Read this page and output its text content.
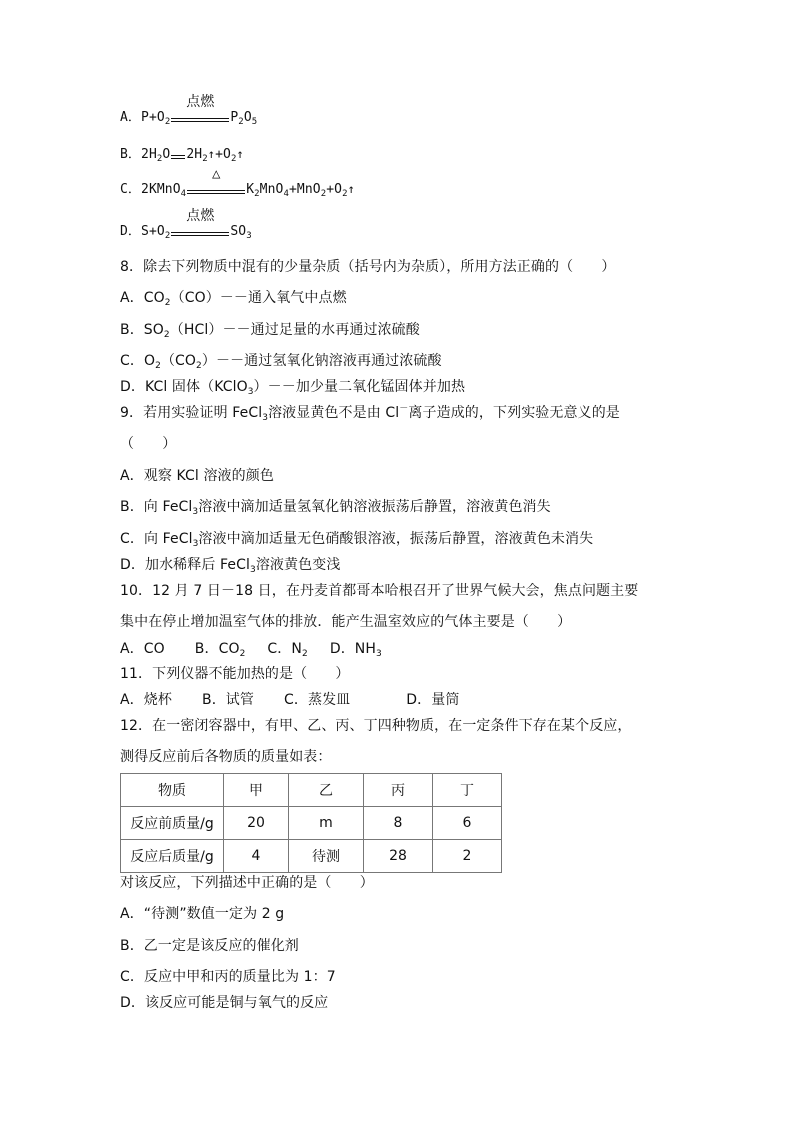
A．$P+O_2$
点燃
$P_2O_5$
B．$2H_2O$ $2H_2↑+O_2↑$
C．2KMnO$_4$
△
$K_2MnO_4+MnO_2+O_2↑$
D．$S+O_2$
点燃
$SO_3$
8．除去下列物质中混有的少量杂质（括号内为杂质），所用方法正确的（　　）
A．$CO_2(CO)--$通入氧气中点燃
B．$SO_2(HCl)--$通过足量的水再通过浓硫酸
C．$O_2(CO_2)--$通过氢氧化钠溶液再通过浓硫酸
D．KCl 固体（KClO$_3$）－－加少量二氧化锰固体并加热
9．若用实验证明 FeCl$_3$溶液显黄色不是由 Cl－离子造成的，下列实验无意义的是
（　　）
A．观察 KCl 溶液的颜色
B．向 FeCl$_3$溶液中滴加适量氢氧化钠溶液振荡后静置，溶液黄色消失
C．向 FeCl$_3$溶液中滴加适量无色硝酸银溶液，振荡后静置，溶液黄色未消失
D．加水稀释后 FeCl$_3$溶液黄色变浅
10．12 月 7 日－18 日，在丹麦首都哥本哈根召开了世界气候大会，焦点问题主要
集中在停止增加温室气体的排放．能产生温室效应的气体主要是（　　）
A．CO B．$CO_2$ C．$N_2$ D．$NH_3$
11．下列仪器不能加热的是（　　）
A．烧杯 B．试管 C．蒸发皿	D．量筒
12．在一密闭容器中，有甲、乙、丙、丁四种物质，在一定条件下存在某个反应，
测得反应前后各物质的质量如表：
物质	甲	乙	丙	丁
反应前质量/g	20	m	8	6
反应后质量/g	4	待测	28	2
对该反应，下列描述中正确的是（　　）
A．“待测”数值一定为 2 g
B．乙一定是该反应的催化剂
C．反应中甲和丙的质量比为 1：7
D．该反应可能是铜与氧气的反应
